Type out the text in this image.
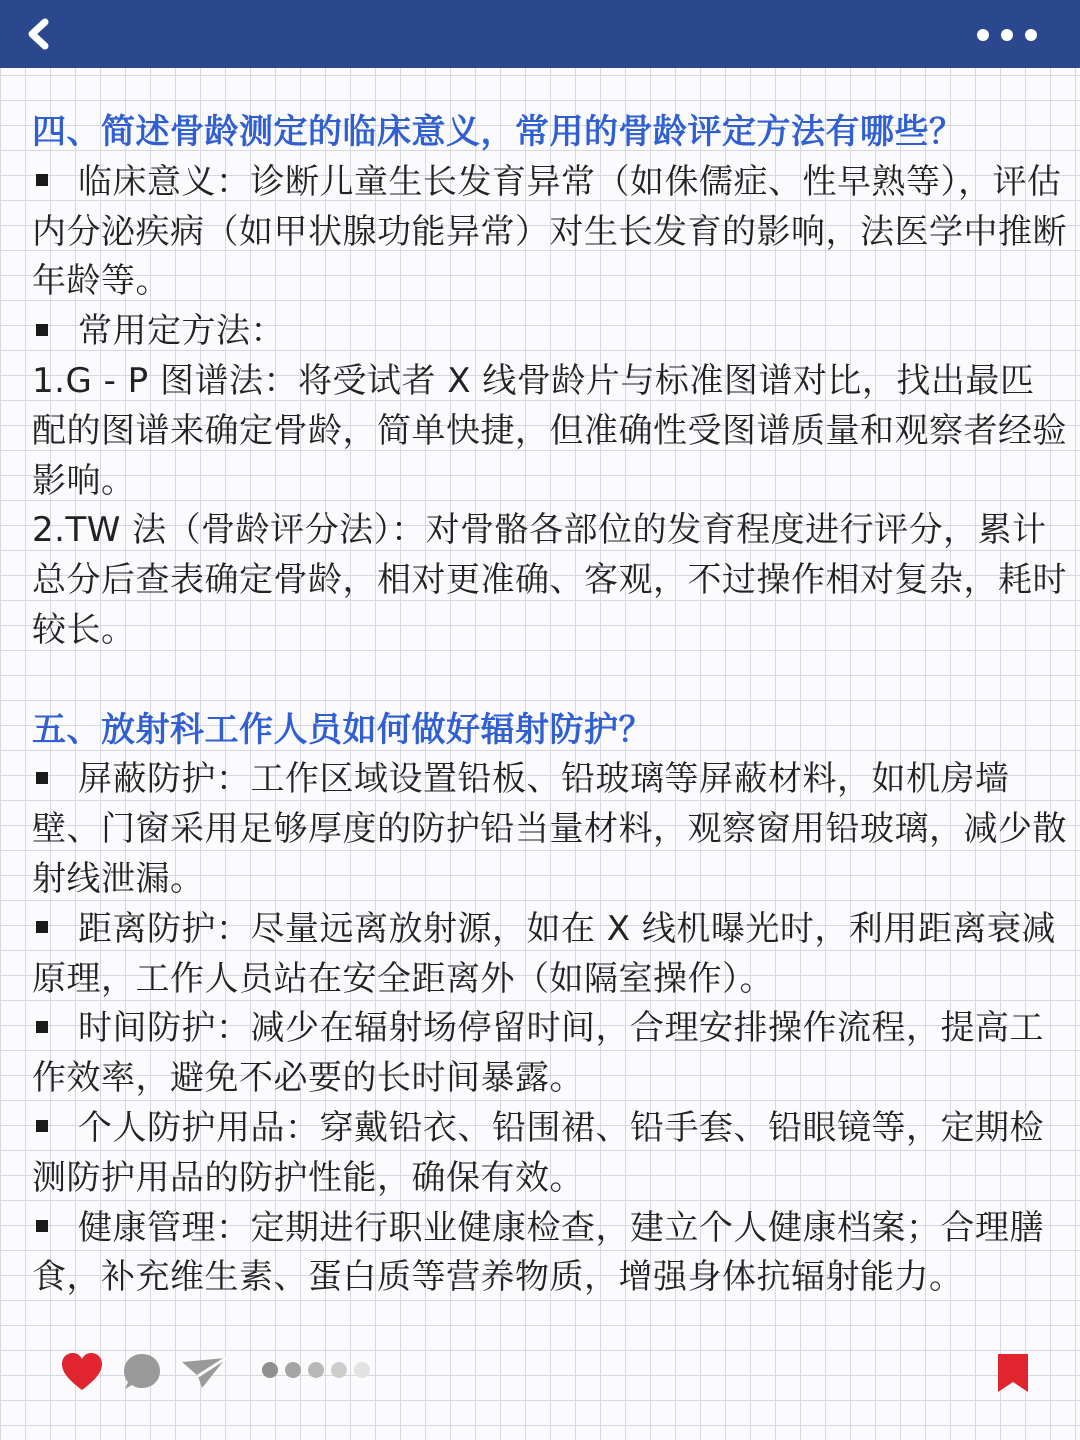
四、简述骨龄测定的临床意义，常用的骨龄评定方法有哪些？

临床意义：诊断儿童生长发育异常（如侏儒症、性早熟等），评估内分泌疾病（如甲状腺功能异常）对生长发育的影响，法医学中推断年龄等。

常用定方法：

1.G - P 图谱法：将受试者 X 线骨龄片与标准图谱对比，找出最匹配的图谱来确定骨龄，简单快捷，但准确性受图谱质量和观察者经验影响。

2.TW 法（骨龄评分法）：对骨骼各部位的发育程度进行评分，累计总分后查表确定骨龄，相对更准确、客观，不过操作相对复杂，耗时较长。

五、放射科工作人员如何做好辐射防护？

屏蔽防护：工作区域设置铅板、铅玻璃等屏蔽材料，如机房墙壁、门窗采用足够厚度的防护铅当量材料，观察窗用铅玻璃，减少散射线泄漏。

距离防护：尽量远离放射源，如在 X 线机曝光时，利用距离衰减原理，工作人员站在安全距离外（如隔室操作）。

时间防护：减少在辐射场停留时间，合理安排操作流程，提高工作效率，避免不必要的长时间暴露。

个人防护用品：穿戴铅衣、铅围裙、铅手套、铅眼镜等，定期检测防护用品的防护性能，确保有效。

健康管理：定期进行职业健康检查，建立个人健康档案；合理膳食，补充维生素、蛋白质等营养物质，增强身体抗辐射能力。
